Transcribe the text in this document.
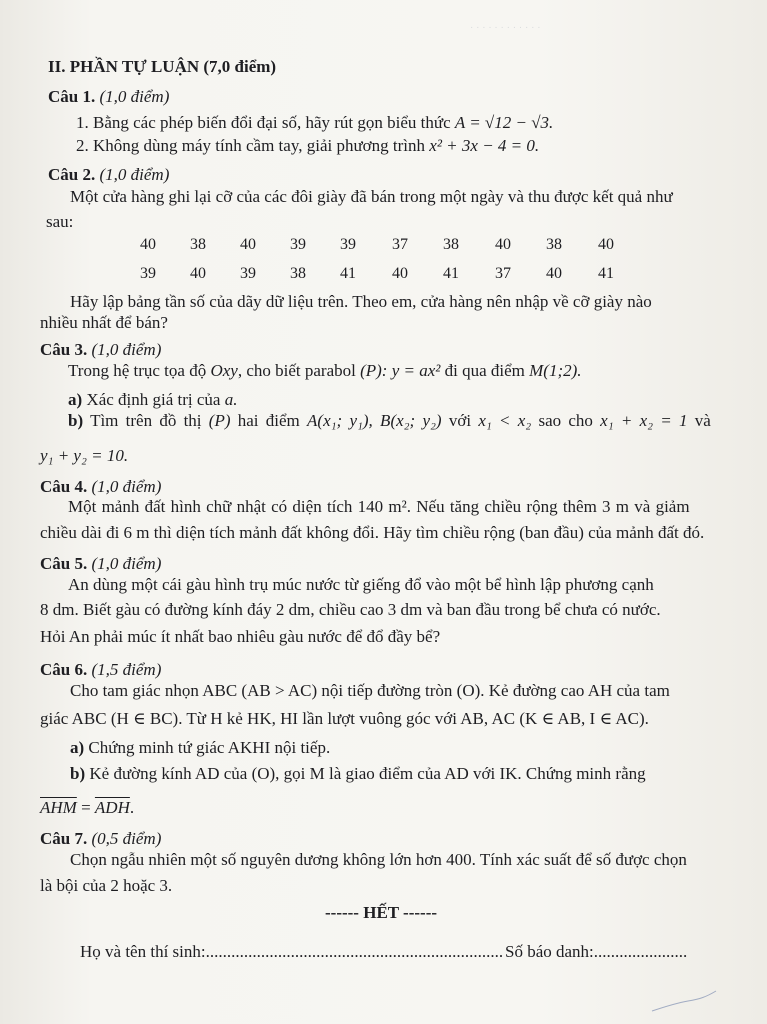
· · · · · · · · · · · ·
II. PHẦN TỰ LUẬN (7,0 điểm)
Câu 1. (1,0 điểm)
1. Bằng các phép biến đổi đại số, hãy rút gọn biểu thức A = √12 − √3.
2. Không dùng máy tính cầm tay, giải phương trình x² + 3x − 4 = 0.
Câu 2. (1,0 điểm)
Một cửa hàng ghi lại cỡ của các đôi giày đã bán trong một ngày và thu được kết quả như
sau:
40	38	40	39	39	37	38	40	38	40
39	40	39	38	41	40	41	37	40	41
Hãy lập bảng tần số của dãy dữ liệu trên. Theo em, cửa hàng nên nhập về cỡ giày nào
nhiều nhất để bán?
Câu 3. (1,0 điểm)
Trong hệ trục tọa độ Oxy, cho biết parabol (P): y = ax² đi qua điểm M(1;2).
a) Xác định giá trị của a.
b) Tìm trên đồ thị (P) hai điểm A(x₁; y₁), B(x₂; y₂) với x₁ < x₂ sao cho x₁ + x₂ = 1 và
y₁ + y₂ = 10.
Câu 4. (1,0 điểm)
Một mảnh đất hình chữ nhật có diện tích 140 m². Nếu tăng chiều rộng thêm 3 m và giảm
chiều dài đi 6 m thì diện tích mảnh đất không đổi. Hãy tìm chiều rộng (ban đầu) của mảnh đất đó.
Câu 5. (1,0 điểm)
An dùng một cái gàu hình trụ múc nước từ giếng đổ vào một bể hình lập phương cạnh
8 dm. Biết gàu có đường kính đáy 2 dm, chiều cao 3 dm và ban đầu trong bể chưa có nước.
Hỏi An phải múc ít nhất bao nhiêu gàu nước để đổ đầy bể?
Câu 6. (1,5 điểm)
Cho tam giác nhọn ABC (AB > AC) nội tiếp đường tròn (O). Kẻ đường cao AH của tam
giác ABC (H ∈ BC). Từ H kẻ HK, HI lần lượt vuông góc với AB, AC (K ∈ AB, I ∈ AC).
a) Chứng minh tứ giác AKHI nội tiếp.
b) Kẻ đường kính AD của (O), gọi M là giao điểm của AD với IK. Chứng minh rằng
$\overline{AHM} = \overline{ADH}$.
Câu 7. (0,5 điểm)
Chọn ngẫu nhiên một số nguyên dương không lớn hơn 400. Tính xác suất để số được chọn
là bội của 2 hoặc 3.
------ HẾT ------
Họ và tên thí sinh:...................................................................... Số báo danh:......................
